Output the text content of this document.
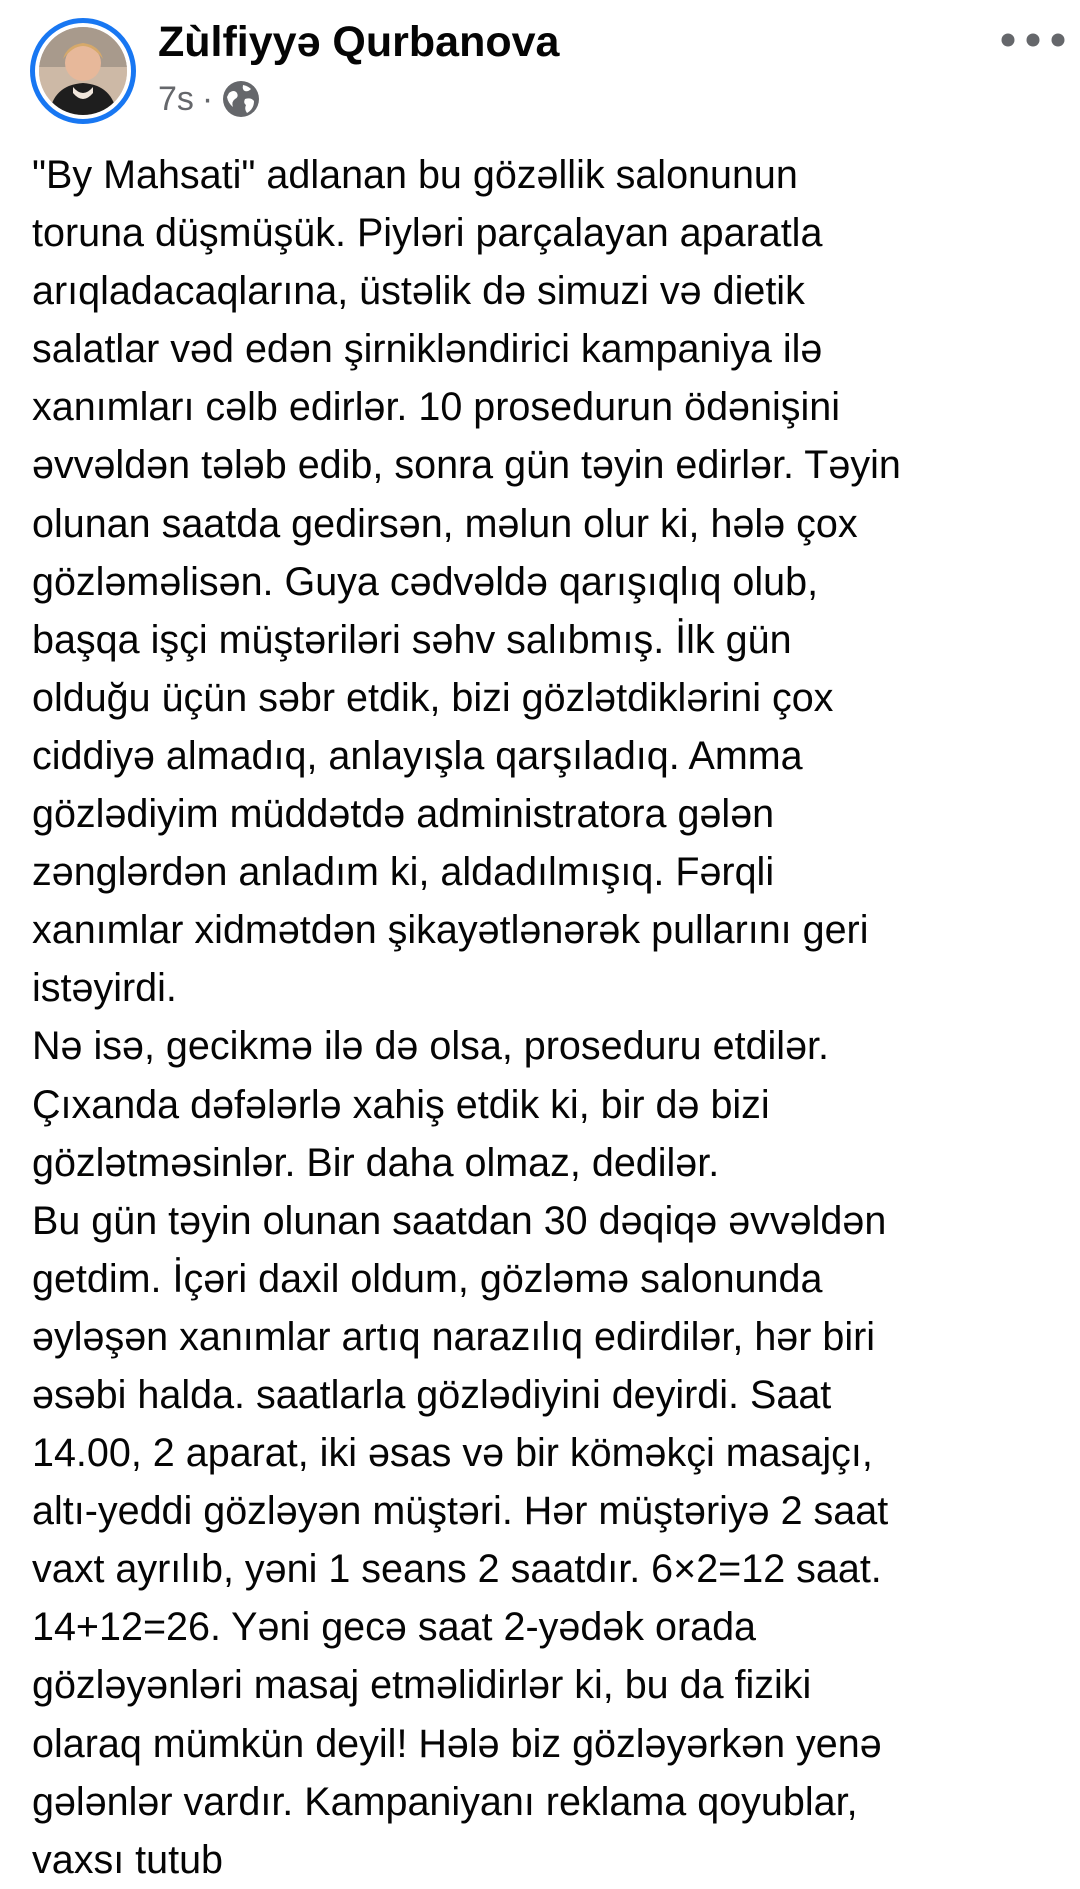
Zùlfiyyə Qurbanova
7s ·
"By Mahsati" adlanan bu gözəllik salonunun
toruna düşmüşük. Piyləri parçalayan aparatla
arıqladacaqlarına, üstəlik də simuzi və dietik
salatlar vəd edən şirnikləndirici kampaniya ilə
xanımları cəlb edirlər. 10 prosedurun ödənişini
əvvəldən tələb edib, sonra gün təyin edirlər. Təyin
olunan saatda gedirsən, məlun olur ki, hələ çox
gözləməlisən. Guya cədvəldə qarışıqlıq olub,
başqa işçi müştəriləri səhv salıbmış. İlk gün
olduğu üçün səbr etdik, bizi gözlətdiklərini çox
ciddiyə almadıq, anlayışla qarşıladıq. Amma
gözlədiyim müddətdə administratora gələn
zənglərdən anladım ki, aldadılmışıq. Fərqli
xanımlar xidmətdən şikayətlənərək pullarını geri
istəyirdi.
Nə isə, gecikmə ilə də olsa, proseduru etdilər.
Çıxanda dəfələrlə xahiş etdik ki, bir də bizi
gözlətməsinlər. Bir daha olmaz, dedilər.
Bu gün təyin olunan saatdan 30 dəqiqə əvvəldən
getdim. İçəri daxil oldum, gözləmə salonunda
əyləşən xanımlar artıq narazılıq edirdilər, hər biri
əsəbi halda. saatlarla gözlədiyini deyirdi. Saat
14.00, 2 aparat, iki əsas və bir köməkçi masajçı,
altı-yeddi gözləyən müştəri. Hər müştəriyə 2 saat
vaxt ayrılıb, yəni 1 seans 2 saatdır. 6×2=12 saat.
14+12=26. Yəni gecə saat 2-yədək orada
gözləyənləri masaj etməlidirlər ki, bu da fiziki
olaraq mümkün deyil! Hələ biz gözləyərkən yenə
gələnlər vardır. Kampaniyanı reklama qoyublar,
vaxsı tutub
